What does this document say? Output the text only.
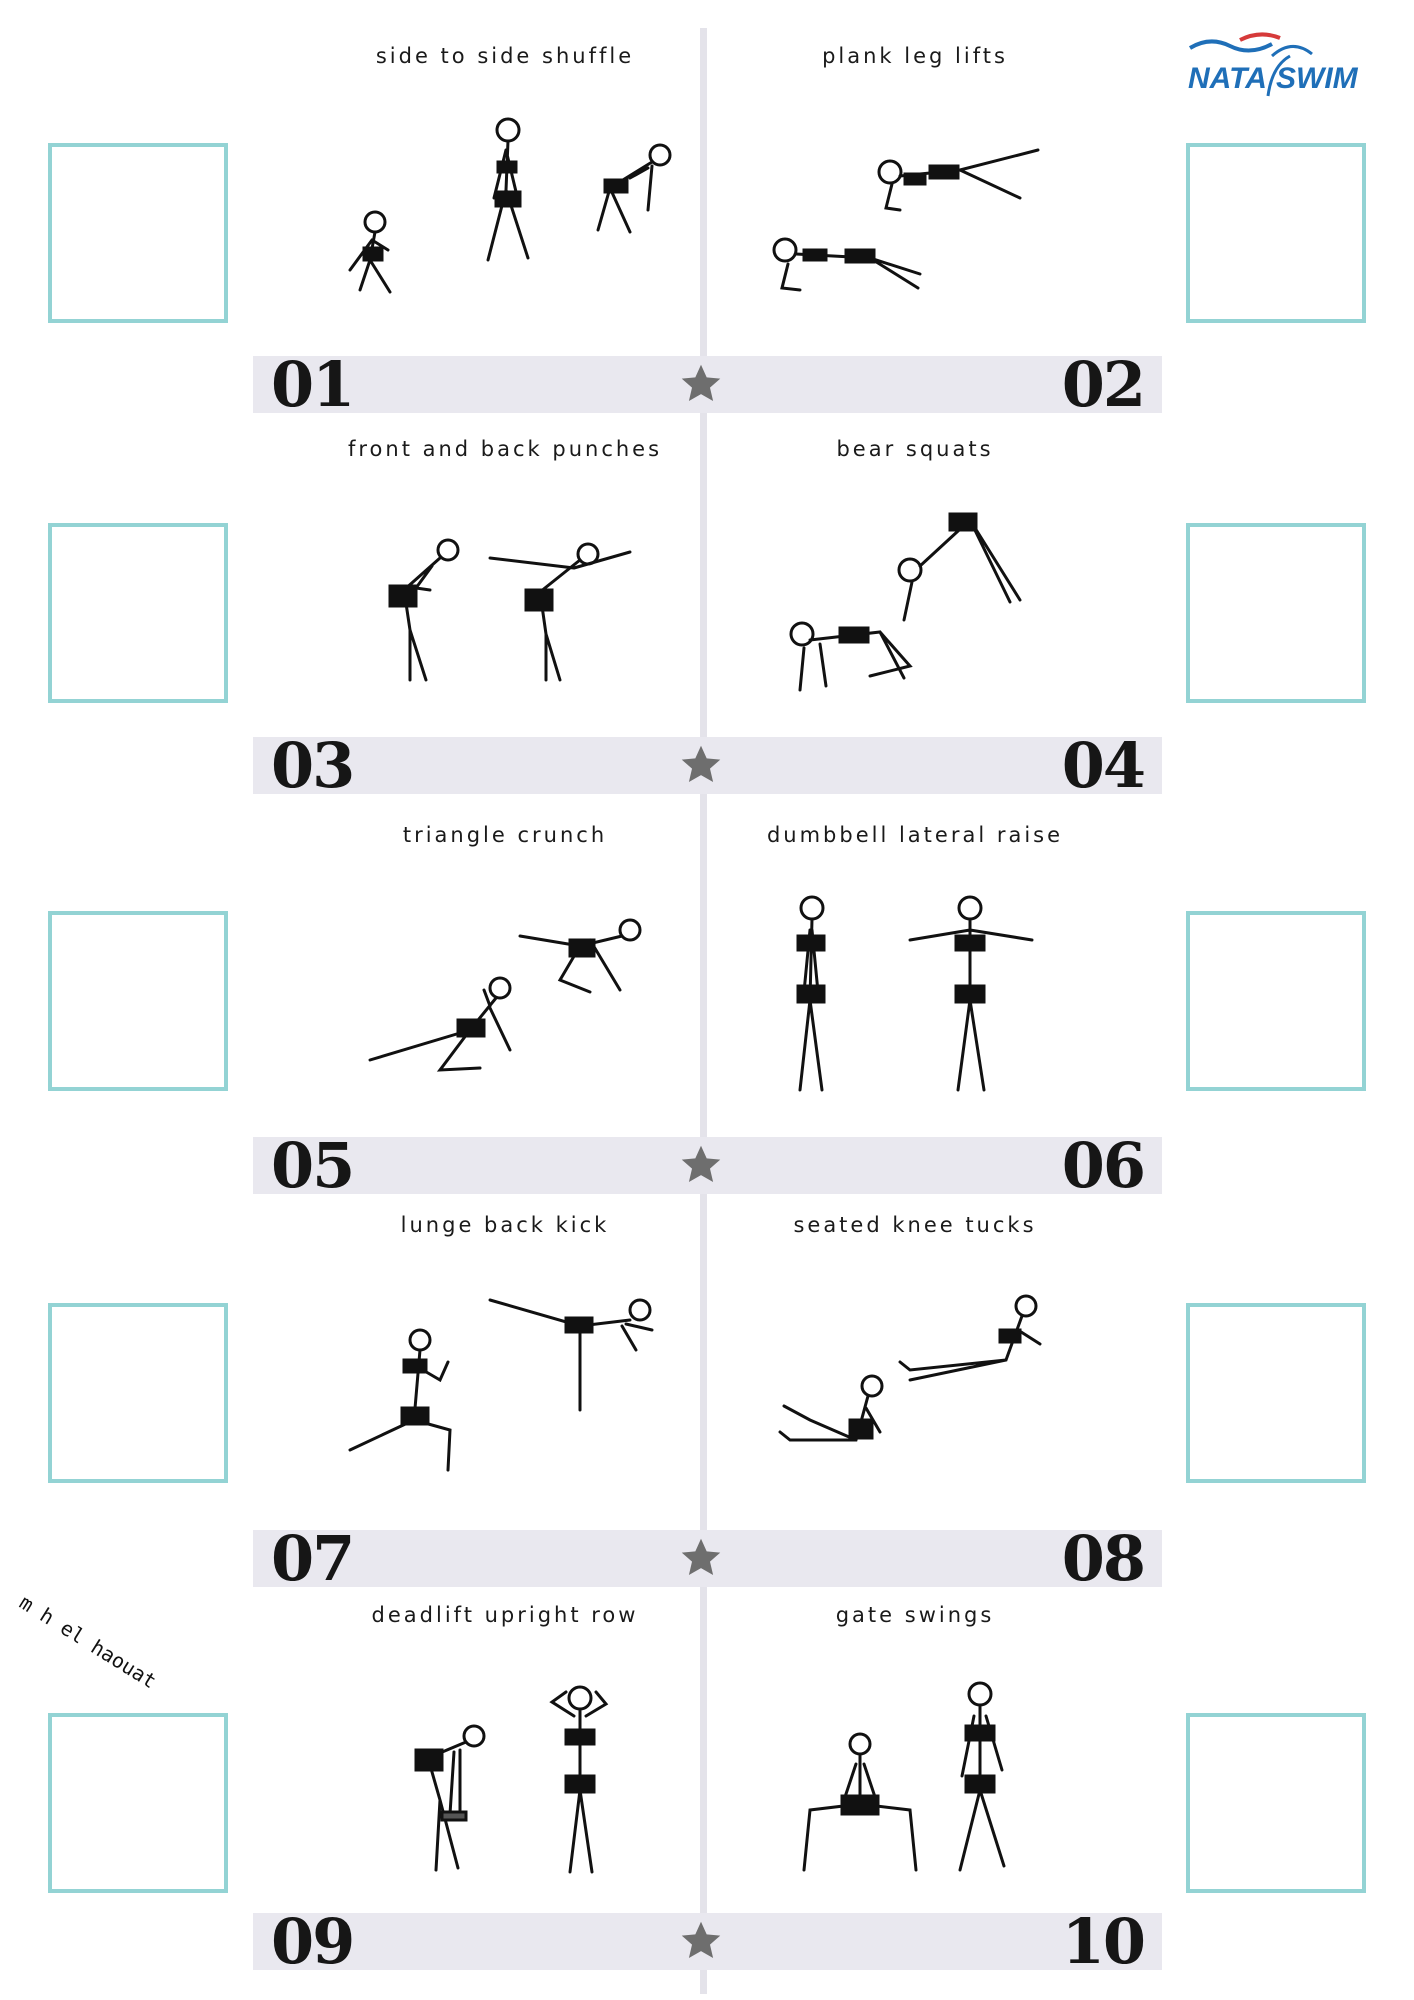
NATA SWIM
m h el haouat
side to side shuffle	plank leg lifts
01	02
front and back punches	bear squats
03	04
triangle crunch	dumbbell lateral raise
05	06
lunge back kick	seated knee tucks
07	08
deadlift upright row	gate swings
09	10
